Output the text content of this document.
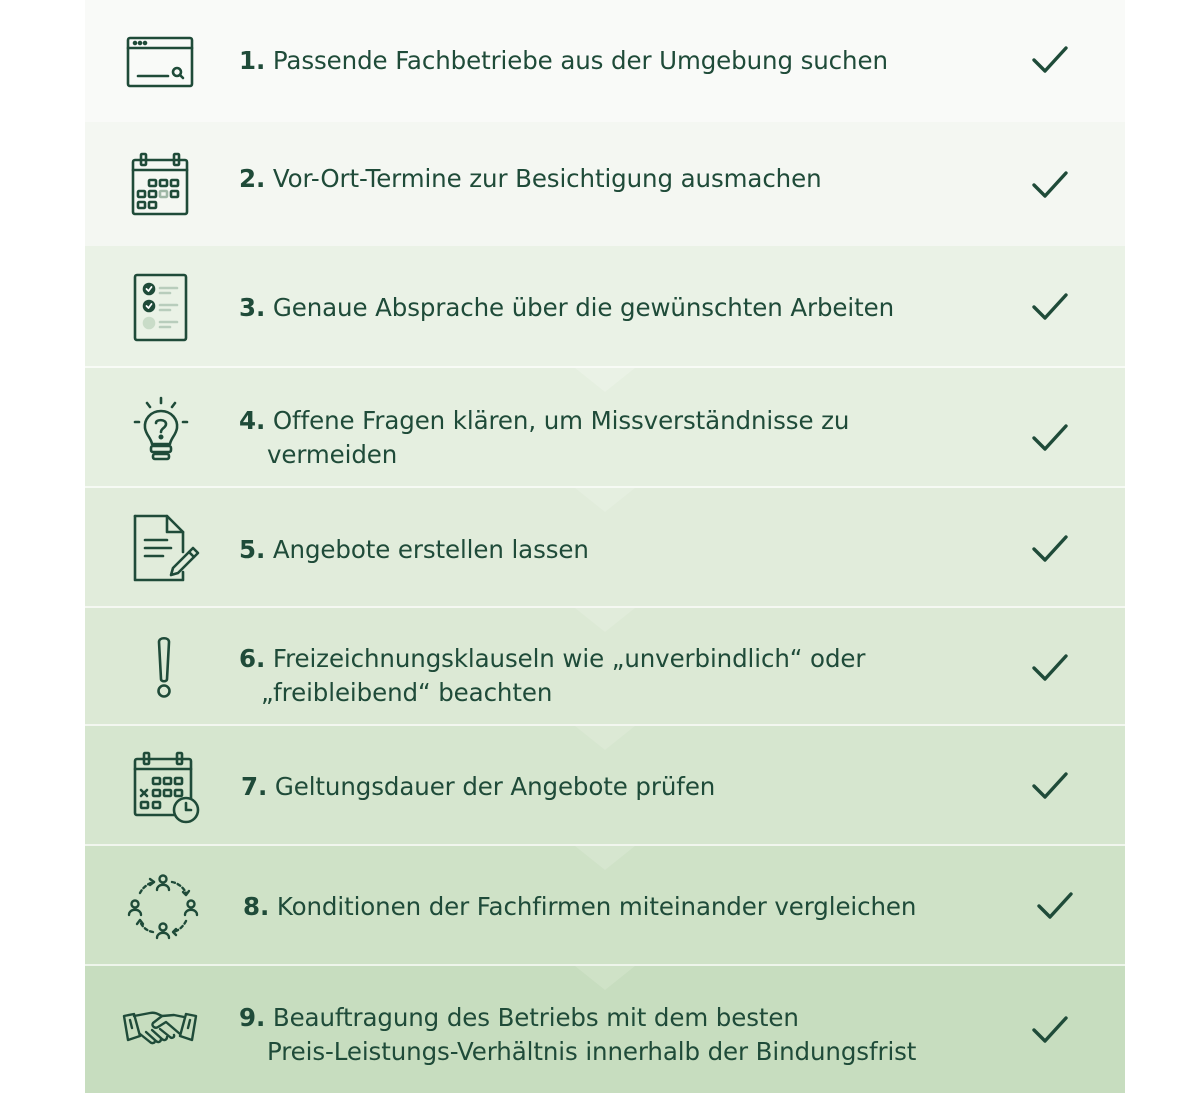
1. Passende Fachbetriebe aus der Umgebung suchen
2. Vor-Ort-Termine zur Besichtigung ausmachen
3. Genaue Absprache über die gewünschten Arbeiten
4. Offene Fragen klären, um Missverständnisse zu
vermeiden
5. Angebote erstellen lassen
6. Freizeichnungsklauseln wie „unverbindlich“ oder
„freibleibend“ beachten
7. Geltungsdauer der Angebote prüfen
8. Konditionen der Fachfirmen miteinander vergleichen
9. Beauftragung des Betriebs mit dem besten
Preis-Leistungs-Verhältnis innerhalb der Bindungsfrist
